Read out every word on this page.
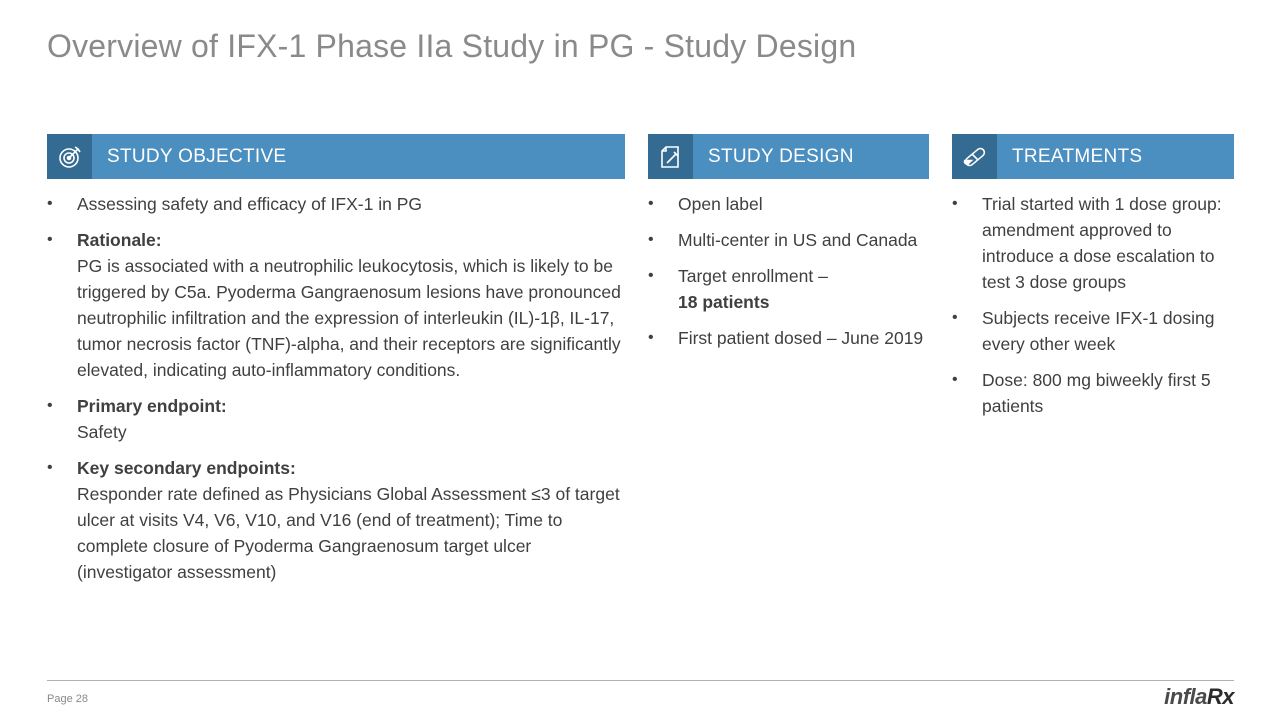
Overview of IFX-1 Phase IIa Study in PG - Study Design
STUDY OBJECTIVE
• Assessing safety and efficacy of IFX-1 in PG
• Rationale:
PG is associated with a neutrophilic leukocytosis, which is likely to be triggered by C5a. Pyoderma Gangraenosum lesions have pronounced neutrophilic infiltration and the expression of interleukin (IL)-1β, IL-17, tumor necrosis factor (TNF)-alpha, and their receptors are significantly elevated, indicating auto-inflammatory conditions.
• Primary endpoint:
Safety
• Key secondary endpoints:
Responder rate defined as Physicians Global Assessment ≤3 of target ulcer at visits V4, V6, V10, and V16 (end of treatment); Time to complete closure of Pyoderma Gangraenosum target ulcer (investigator assessment)
STUDY DESIGN
• Open label
• Multi-center in US and Canada
• Target enrollment –
18 patients
• First patient dosed – June 2019
TREATMENTS
• Trial started with 1 dose group: amendment approved to introduce a dose escalation to test 3 dose groups
• Subjects receive IFX-1 dosing every other week
• Dose: 800 mg biweekly first 5 patients
Page 28	inflaRx
